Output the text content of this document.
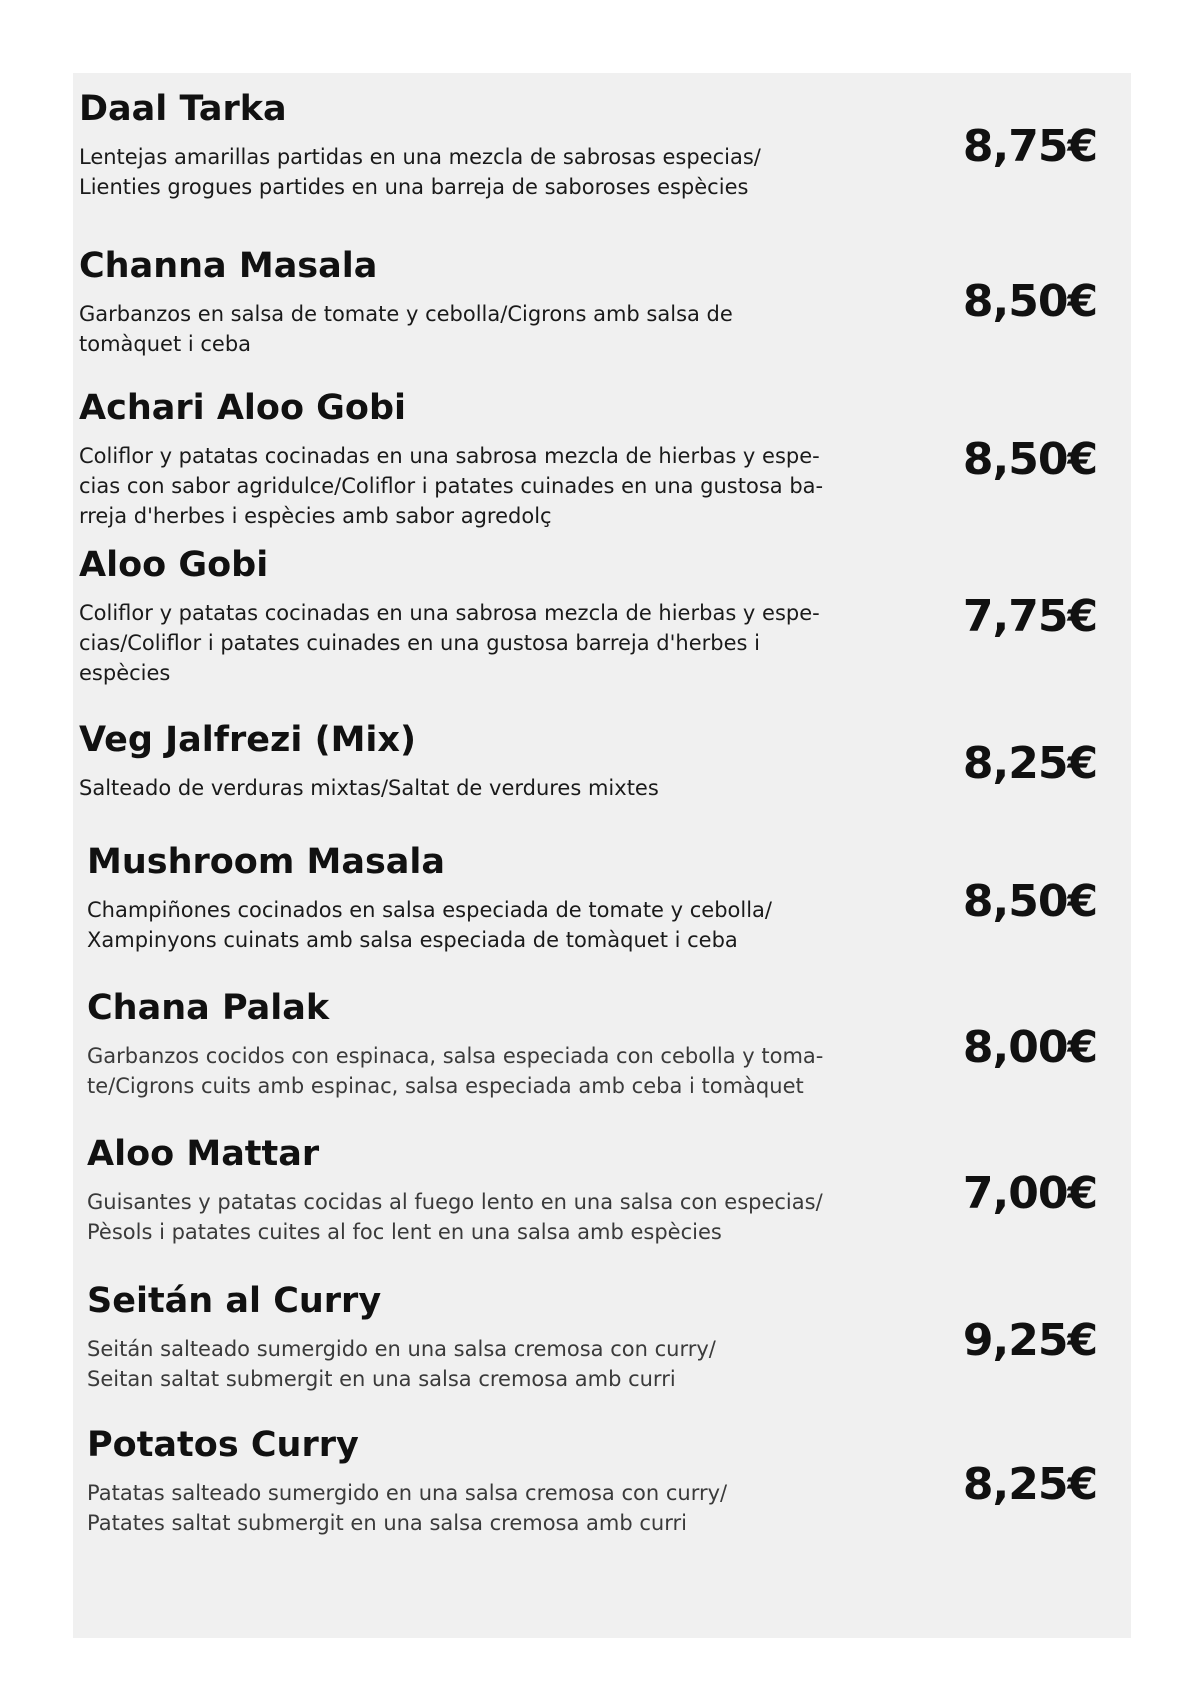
Daal Tarka

Lentejas amarillas partidas en una mezcla de sabrosas especias/
Lienties grogues partides en una barreja de saboroses espècies

8,75€
Channa Masala

Garbanzos en salsa de tomate y cebolla/Cigrons amb salsa de
tomàquet i ceba

8,50€
Achari Aloo Gobi

Coliflor y patatas cocinadas en una sabrosa mezcla de hierbas y espe-
cias con sabor agridulce/Coliflor i patates cuinades en una gustosa ba-
rreja d'herbes i espècies amb sabor agredolç

8,50€
Aloo Gobi

Coliflor y patatas cocinadas en una sabrosa mezcla de hierbas y espe-
cias/Coliflor i patates cuinades en una gustosa barreja d'herbes i
espècies

7,75€
Veg Jalfrezi (Mix)

Salteado de verduras mixtas/Saltat de verdures mixtes	8,25€
Mushroom Masala

Champiñones cocinados en salsa especiada de tomate y cebolla/
Xampinyons cuinats amb salsa especiada de tomàquet i ceba

8,50€
Chana Palak

Garbanzos cocidos con espinaca, salsa especiada con cebolla y toma-
te/Cigrons cuits amb espinac, salsa especiada amb ceba i tomàquet

8,00€
Aloo Mattar

Guisantes y patatas cocidas al fuego lento en una salsa con especias/
Pèsols i patates cuites al foc lent en una salsa amb espècies

7,00€
Seitán al Curry

Seitán salteado sumergido en una salsa cremosa con curry/
Seitan saltat submergit en una salsa cremosa amb curri

9,25€
Potatos Curry

Patatas salteado sumergido en una salsa cremosa con curry/
Patates saltat submergit en una salsa cremosa amb curri

8,25€
